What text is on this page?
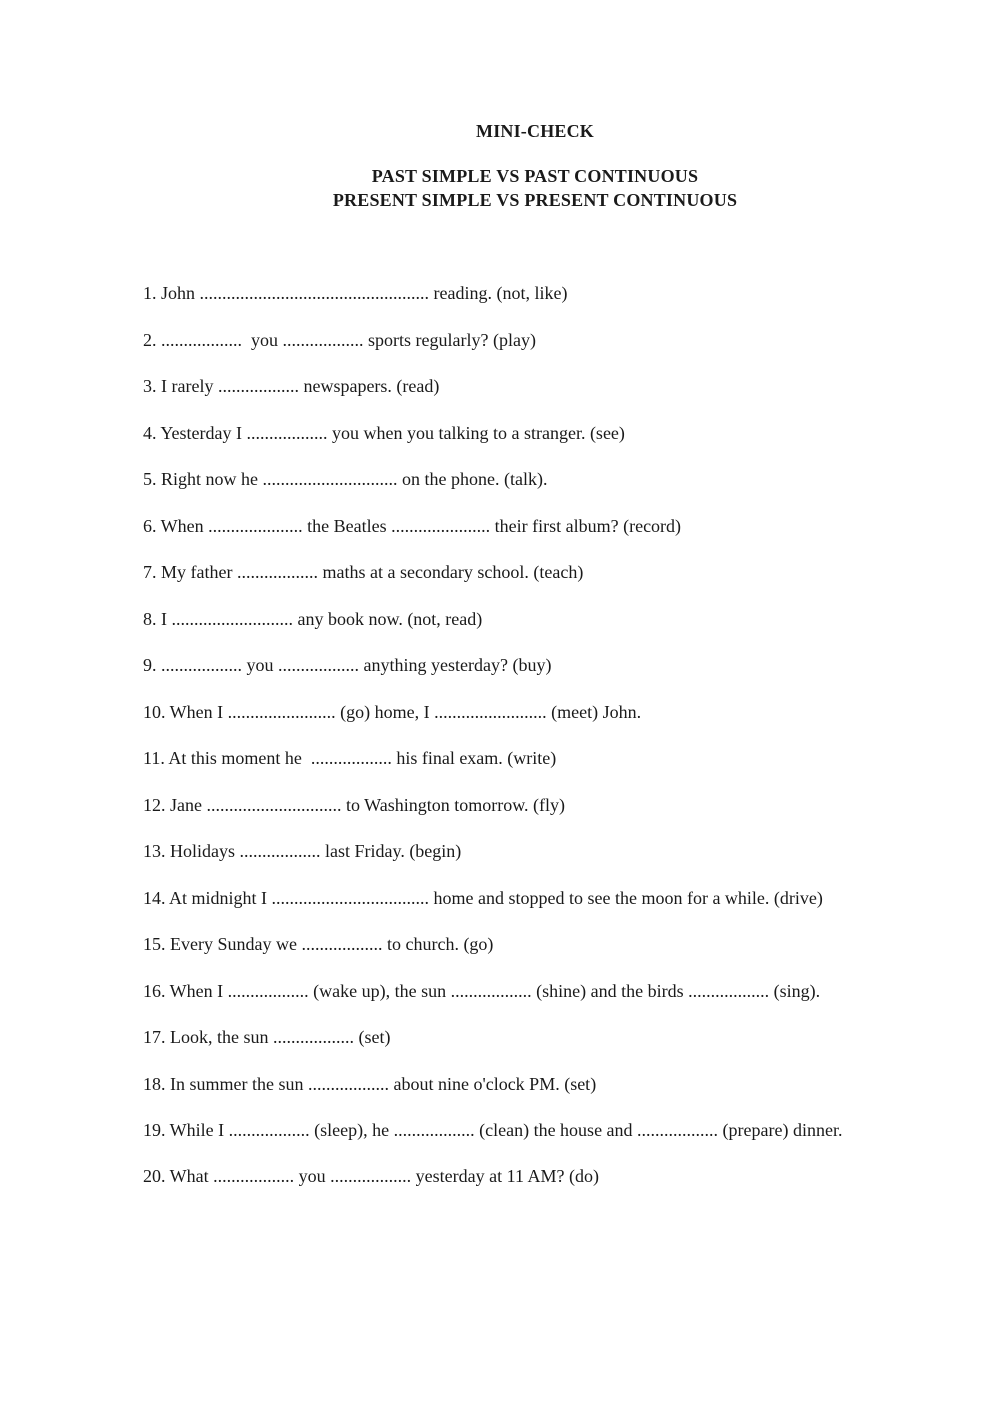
MINI-CHECK
PAST SIMPLE VS PAST CONTINUOUS
PRESENT SIMPLE VS PRESENT CONTINUOUS
1. John ................................................... reading. (not, like)
2. ..................  you .................. sports regularly? (play)
3. I rarely .................. newspapers. (read)
4. Yesterday I .................. you when you talking to a stranger. (see)
5. Right now he .............................. on the phone. (talk).
6. When ..................... the Beatles ...................... their first album? (record)
7. My father .................. maths at a secondary school. (teach)
8. I ........................... any book now. (not, read)
9. .................. you .................. anything yesterday? (buy)
10. When I ........................ (go) home, I ......................... (meet) John.
11. At this moment he  .................. his final exam. (write)
12. Jane .............................. to Washington tomorrow. (fly)
13. Holidays .................. last Friday. (begin)
14. At midnight I ................................... home and stopped to see the moon for a while. (drive)
15. Every Sunday we .................. to church. (go)
16. When I .................. (wake up), the sun .................. (shine) and the birds .................. (sing).
17. Look, the sun .................. (set)
18. In summer the sun .................. about nine o'clock PM. (set)
19. While I .................. (sleep), he .................. (clean) the house and .................. (prepare) dinner.
20. What .................. you .................. yesterday at 11 AM? (do)
